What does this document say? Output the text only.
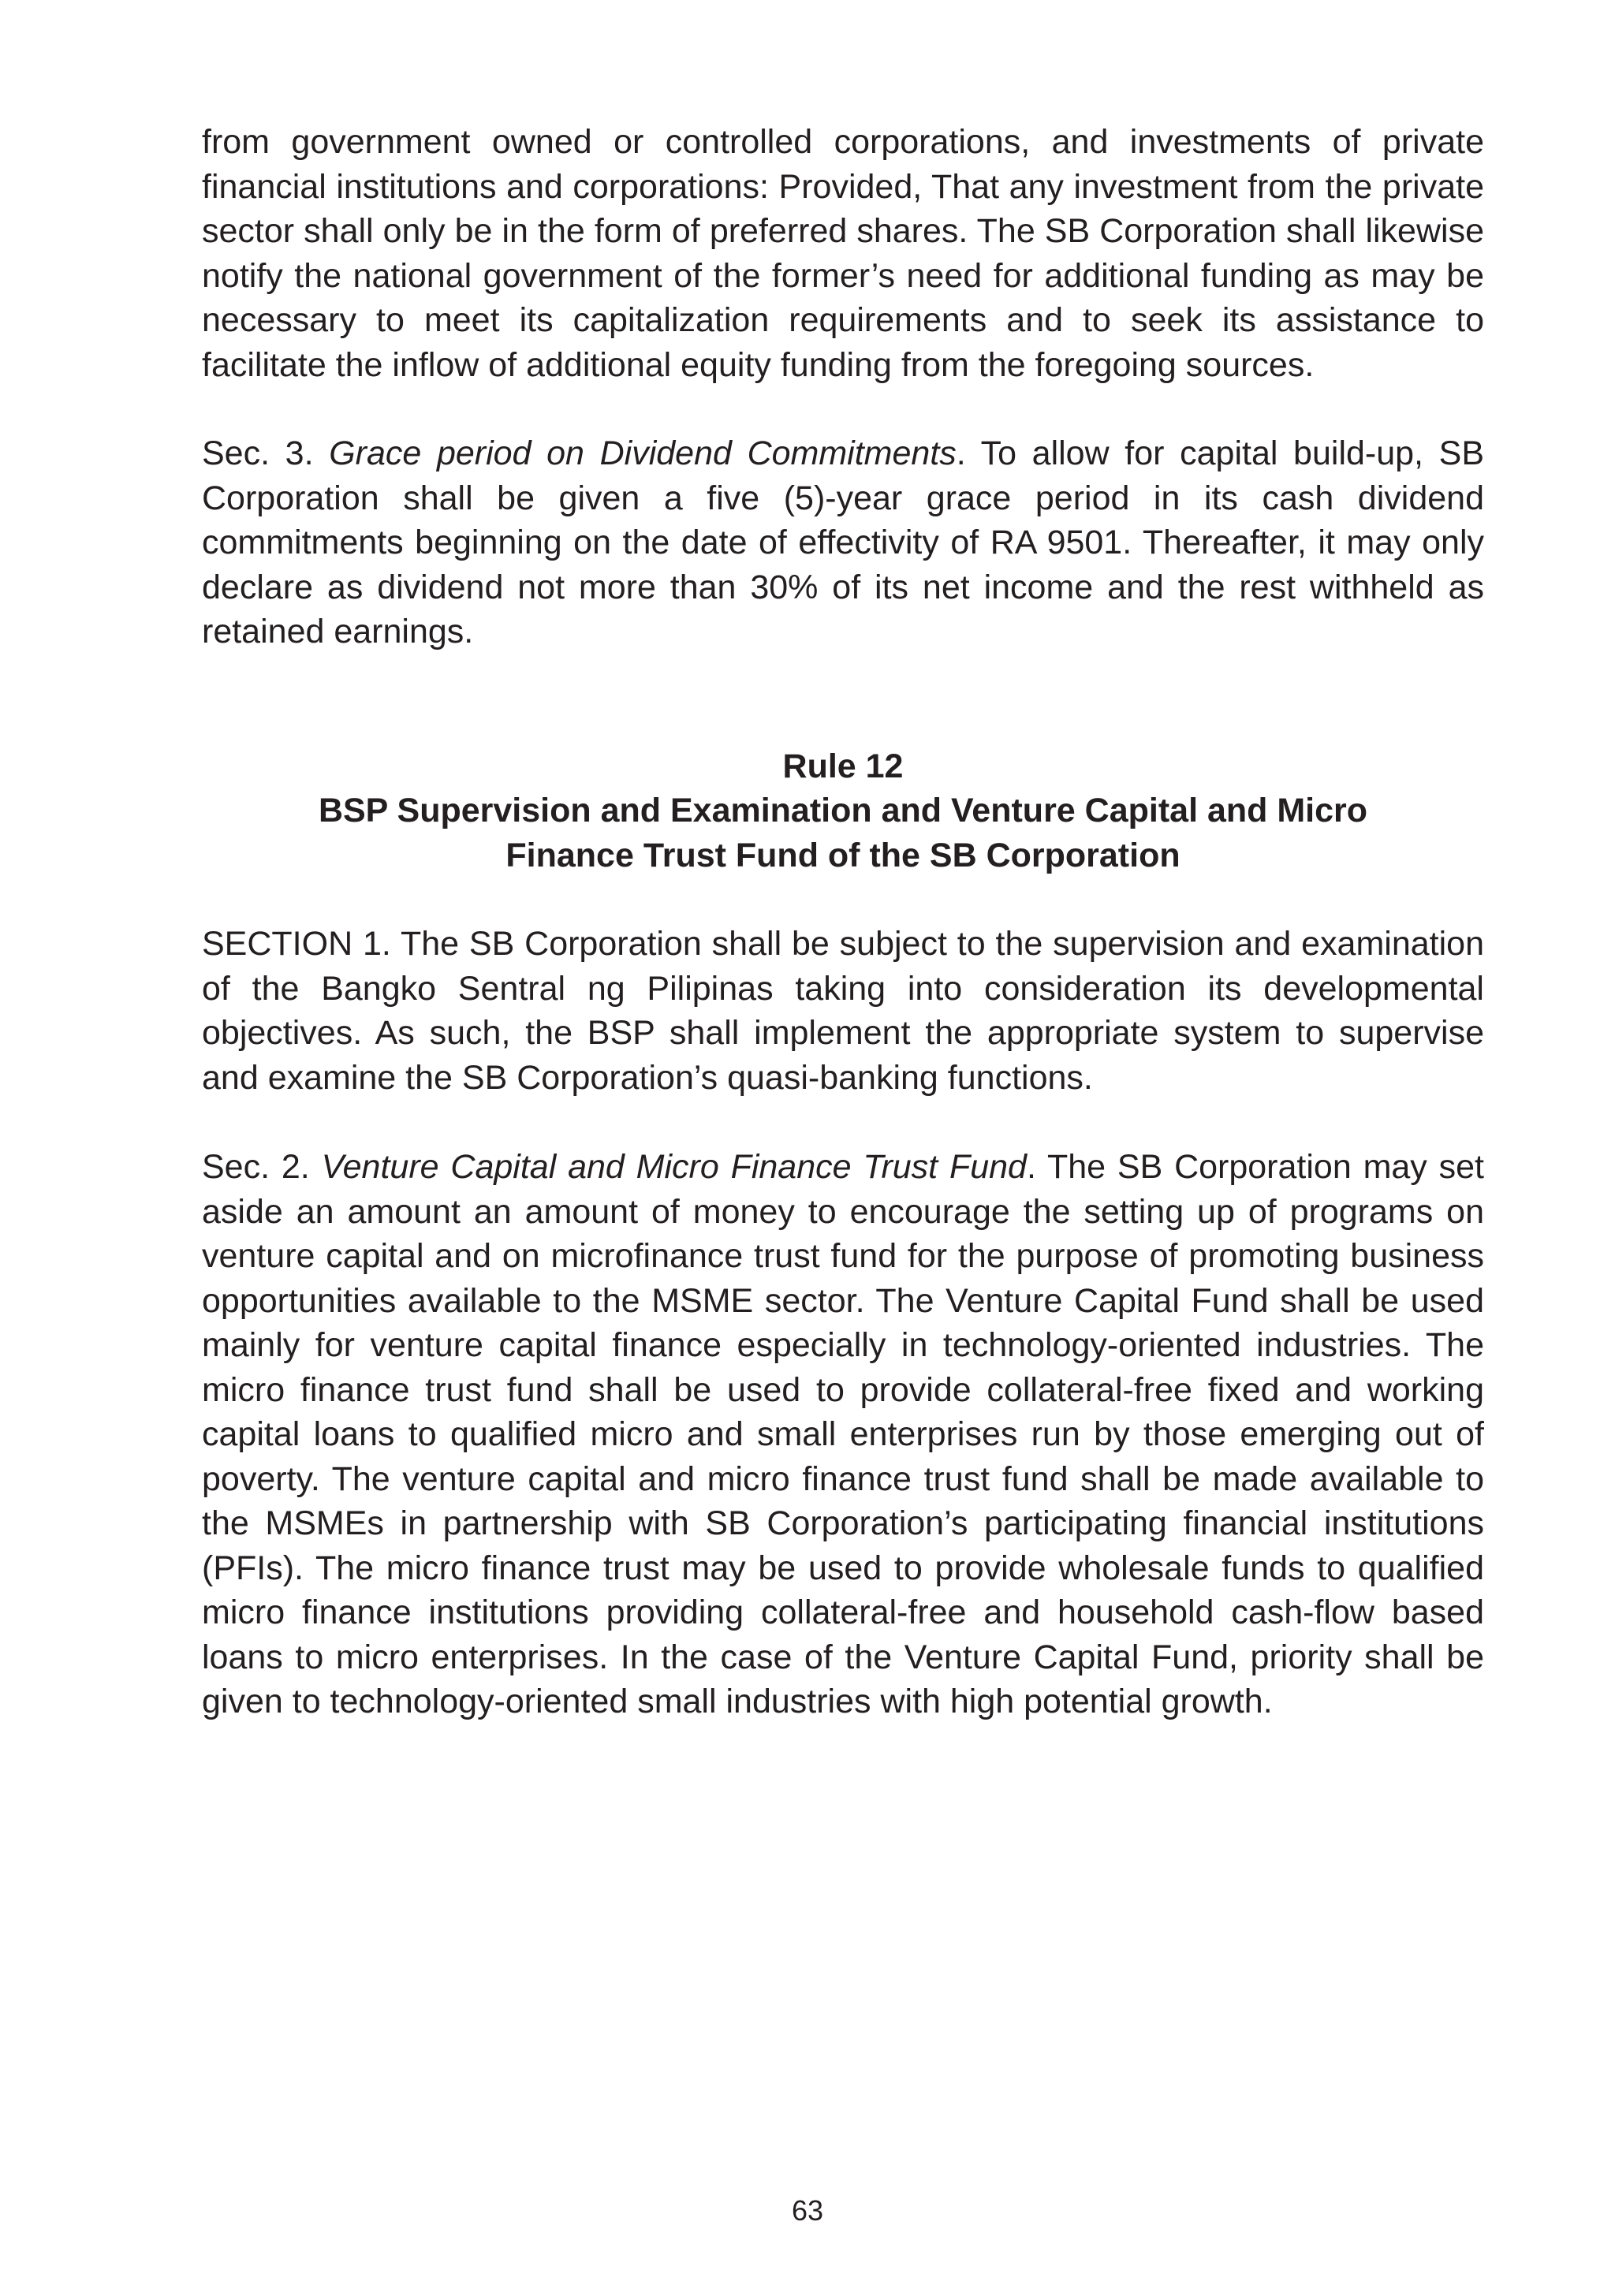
from government owned or controlled corporations, and investments of private financial institutions and corporations: Provided, That any investment from the private sector shall only be in the form of preferred shares. The SB Corporation shall likewise notify the national government of the former’s need for additional funding as may be necessary to meet its capitalization requirements and to seek its assistance to facilitate the inflow of additional equity funding from the foregoing sources.

Sec. 3. Grace period on Dividend Commitments. To allow for capital build-up, SB Corporation shall be given a five (5)-year grace period in its cash dividend commitments beginning on the date of effectivity of RA 9501. Thereafter, it may only declare as dividend not more than 30% of its net income and the rest withheld as retained earnings.

Rule 12
BSP Supervision and Examination and Venture Capital and Micro
Finance Trust Fund of the SB Corporation

SECTION 1. The SB Corporation shall be subject to the supervision and examination of the Bangko Sentral ng Pilipinas taking into consideration its developmental objectives. As such, the BSP shall implement the appropriate system to supervise and examine the SB Corporation’s quasi-banking functions.

Sec. 2. Venture Capital and Micro Finance Trust Fund. The SB Corporation may set aside an amount an amount of money to encourage the setting up of programs on venture capital and on microfinance trust fund for the purpose of promoting business opportunities available to the MSME sector. The Venture Capital Fund shall be used mainly for venture capital finance especially in technology-oriented industries. The micro finance trust fund shall be used to provide collateral-free fixed and working capital loans to qualified micro and small enterprises run by those emerging out of poverty. The venture capital and micro finance trust fund shall be made available to the MSMEs in partnership with SB Corporation’s participating financial institutions (PFIs). The micro finance trust may be used to provide wholesale funds to qualified micro finance institutions providing collateral-free and household cash-flow based loans to micro enterprises. In the case of the Venture Capital Fund, priority shall be given to technology-oriented small industries with high potential growth.

63
